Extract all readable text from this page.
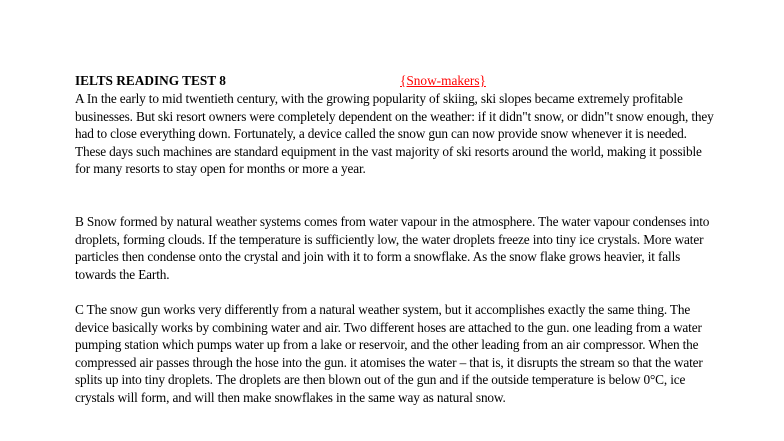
IELTS READING TEST 8	{Snow-makers}

A In the early to mid twentieth century, with the growing popularity of skiing, ski slopes became extremely profitable businesses. But ski resort owners were completely dependent on the weather: if it didn"t snow, or didn"t snow enough, they had to close everything down. Fortunately, a device called the snow gun can now provide snow whenever it is needed. These days such machines are standard equipment in the vast majority of ski resorts around the world, making it possible for many resorts to stay open for months or more a year.

B Snow formed by natural weather systems comes from water vapour in the atmosphere. The water vapour condenses into droplets, forming clouds. If the temperature is sufficiently low, the water droplets freeze into tiny ice crystals. More water particles then condense onto the crystal and join with it to form a snowflake. As the snow flake grows heavier, it falls towards the Earth.

C The snow gun works very differently from a natural weather system, but it accomplishes exactly the same thing. The device basically works by combining water and air. Two different hoses are attached to the gun. one leading from a water pumping station which pumps water up from a lake or reservoir, and the other leading from an air compressor. When the compressed air passes through the hose into the gun. it atomises the water – that is, it disrupts the stream so that the water splits up into tiny droplets. The droplets are then blown out of the gun and if the outside temperature is below 0°C, ice crystals will form, and will then make snowflakes in the same way as natural snow.
